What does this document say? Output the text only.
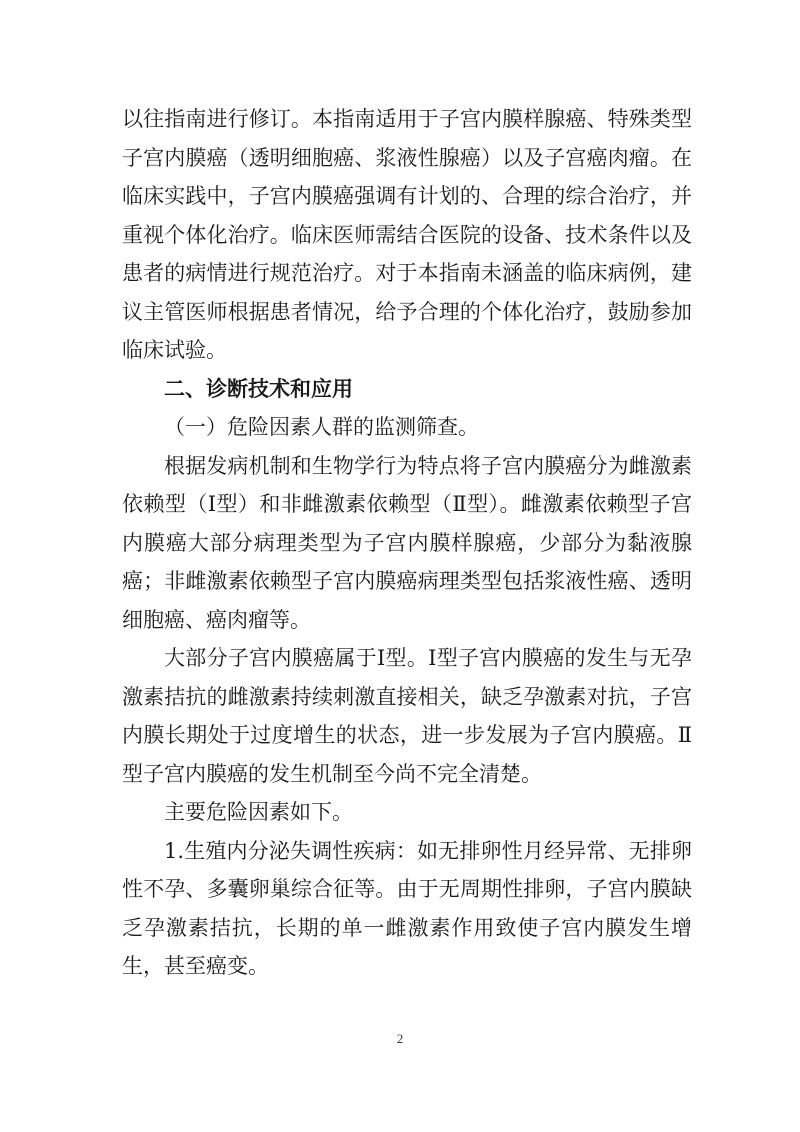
以往指南进行修订。本指南适用于子宫内膜样腺癌、特殊类型子宫内膜癌（透明细胞癌、浆液性腺癌）以及子宫癌肉瘤。在临床实践中，子宫内膜癌强调有计划的、合理的综合治疗，并重视个体化治疗。临床医师需结合医院的设备、技术条件以及患者的病情进行规范治疗。对于本指南未涵盖的临床病例，建议主管医师根据患者情况，给予合理的个体化治疗，鼓励参加临床试验。

二、诊断技术和应用

（一）危险因素人群的监测筛查。

根据发病机制和生物学行为特点将子宫内膜癌分为雌激素依赖型（Ⅰ型）和非雌激素依赖型（Ⅱ型）。雌激素依赖型子宫内膜癌大部分病理类型为子宫内膜样腺癌，少部分为黏液腺癌；非雌激素依赖型子宫内膜癌病理类型包括浆液性癌、透明细胞癌、癌肉瘤等。

大部分子宫内膜癌属于Ⅰ型。Ⅰ型子宫内膜癌的发生与无孕激素拮抗的雌激素持续刺激直接相关，缺乏孕激素对抗，子宫内膜长期处于过度增生的状态，进一步发展为子宫内膜癌。Ⅱ型子宫内膜癌的发生机制至今尚不完全清楚。

主要危险因素如下。

1.生殖内分泌失调性疾病：如无排卵性月经异常、无排卵性不孕、多囊卵巢综合征等。由于无周期性排卵，子宫内膜缺乏孕激素拮抗，长期的单一雌激素作用致使子宫内膜发生增生，甚至癌变。

2
